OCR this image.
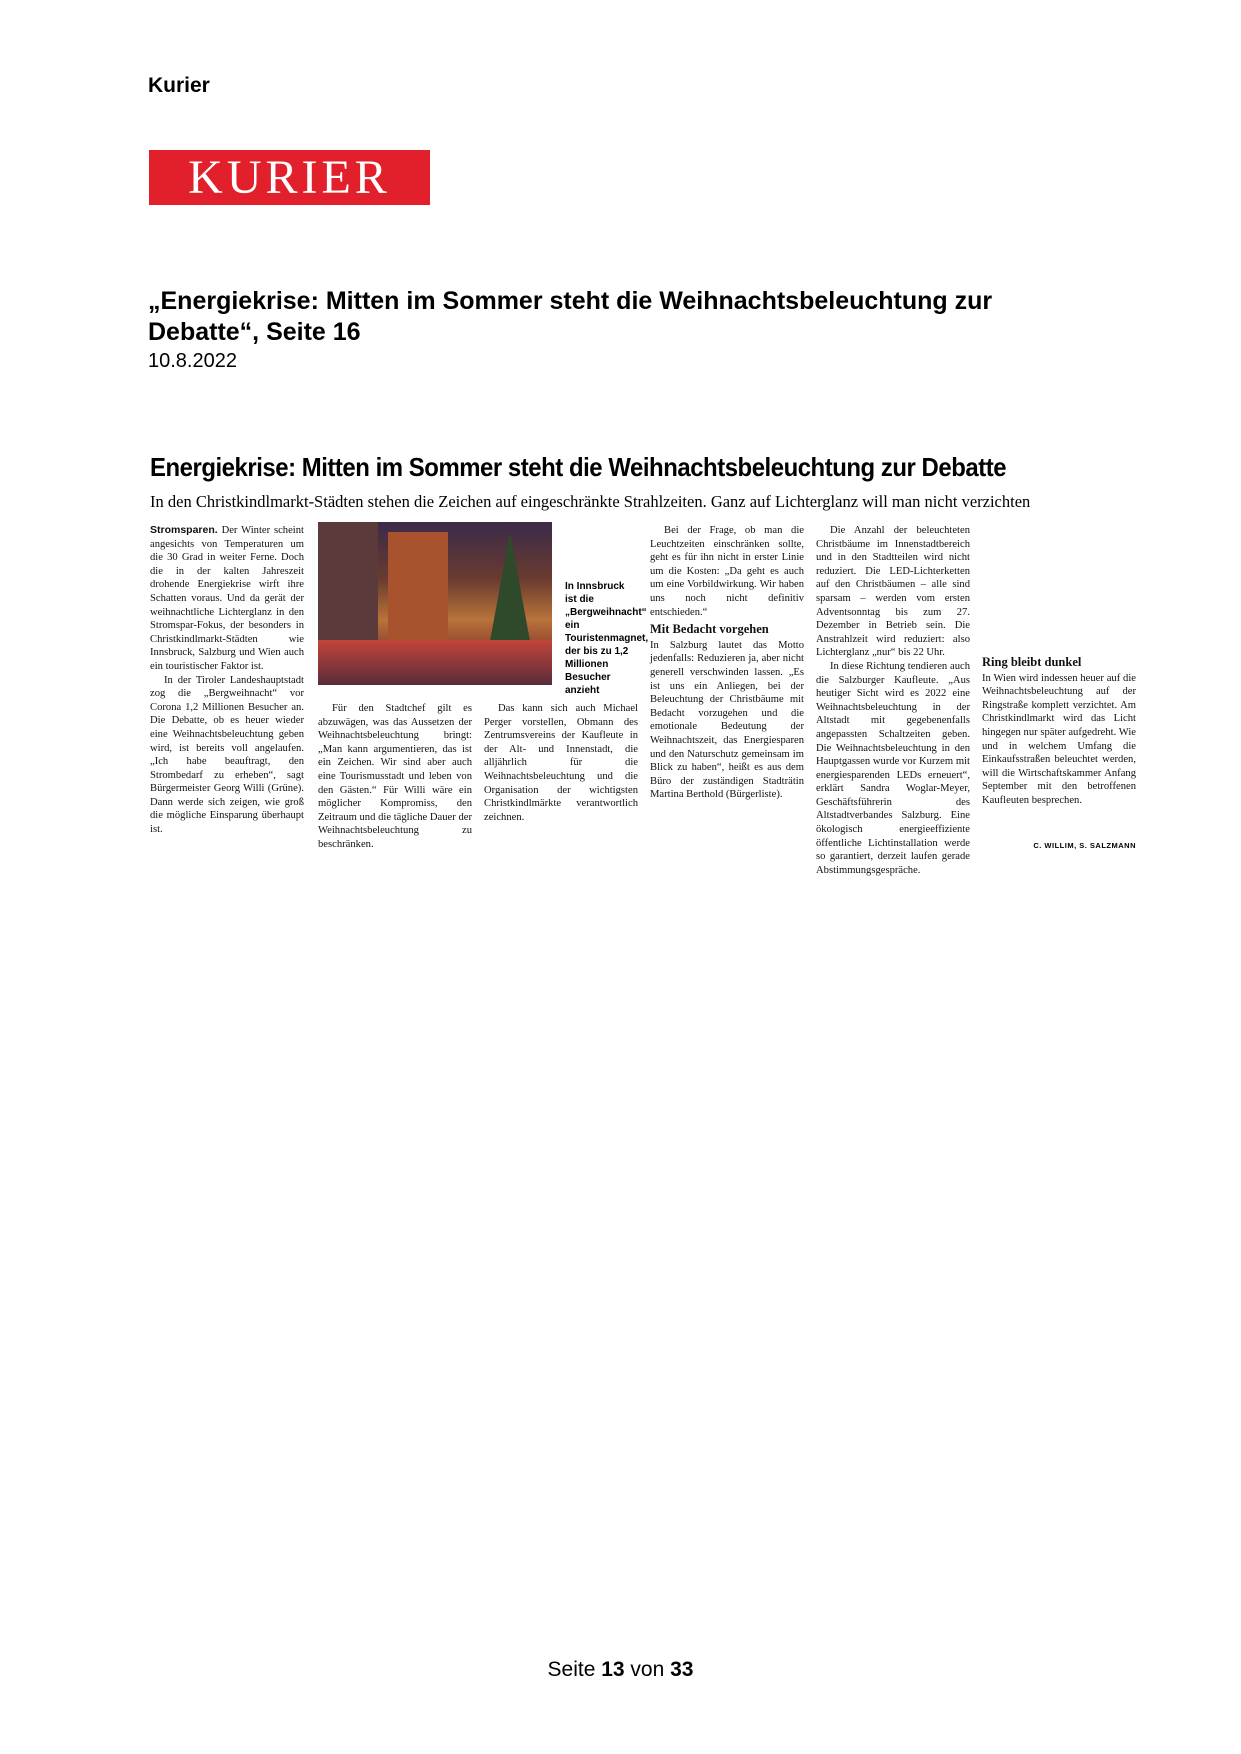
Kurier
KURIER
„Energiekrise: Mitten im Sommer steht die Weihnachtsbeleuchtung zur Debatte“, Seite 16
10.8.2022
Energiekrise: Mitten im Sommer steht die Weihnachtsbeleuchtung zur Debatte
In den Christkindlmarkt-Städten stehen die Zeichen auf eingeschränkte Strahlzeiten. Ganz auf Lichterglanz will man nicht verzichten
In Innsbruck ist die „Bergweihnacht“ ein Touristenmagnet, der bis zu 1,2 Millionen Besucher anzieht

Stromsparen. Der Winter scheint angesichts von Temperaturen um die 30 Grad in weiter Ferne. Doch die in der kalten Jahreszeit drohende Energiekrise wirft ihre Schatten voraus. Und da gerät der weihnachtliche Lichterglanz in den Stromspar-Fokus, der besonders in Christkindlmarkt-Städten wie Innsbruck, Salzburg und Wien auch ein touristischer Faktor ist.

In der Tiroler Landeshauptstadt zog die „Bergweihnacht“ vor Corona 1,2 Millionen Besucher an. Die Debatte, ob es heuer wieder eine Weihnachtsbeleuchtung geben wird, ist bereits voll angelaufen. „Ich habe beauftragt, den Strombedarf zu erheben“, sagt Bürgermeister Georg Willi (Grüne). Dann werde sich zeigen, wie groß die mögliche Einsparung überhaupt ist.

Für den Stadtchef gilt es abzuwägen, was das Aussetzen der Weihnachtsbeleuchtung bringt: „Man kann argumentieren, das ist ein Zeichen. Wir sind aber auch eine Tourismusstadt und leben von den Gästen.“ Für Willi wäre ein möglicher Kompromiss, den Zeitraum und die tägliche Dauer der Weihnachtsbeleuchtung zu beschränken.

Das kann sich auch Michael Perger vorstellen, Obmann des Zentrumsvereins der Kaufleute in der Alt- und Innenstadt, die alljährlich für die Weihnachtsbeleuchtung und die Organisation der wichtigsten Christkindlmärkte verantwortlich zeichnen.

Bei der Frage, ob man die Leuchtzeiten einschränken sollte, geht es für ihn nicht in erster Linie um die Kosten: „Da geht es auch um eine Vorbildwirkung. Wir haben uns noch nicht definitiv entschieden.“

Mit Bedacht vorgehen

In Salzburg lautet das Motto jedenfalls: Reduzieren ja, aber nicht generell verschwinden lassen. „Es ist uns ein Anliegen, bei der Beleuchtung der Christbäume mit Bedacht vorzugehen und die emotionale Bedeutung der Weihnachtszeit, das Energiesparen und den Naturschutz gemeinsam im Blick zu haben“, heißt es aus dem Büro der zuständigen Stadträtin Martina Berthold (Bürgerliste).

Die Anzahl der beleuchteten Christbäume im Innenstadtbereich und in den Stadtteilen wird nicht reduziert. Die LED-Lichterketten auf den Christbäumen – alle sind sparsam – werden vom ersten Adventsonntag bis zum 27. Dezember in Betrieb sein. Die Anstrahlzeit wird reduziert: also Lichterglanz „nur“ bis 22 Uhr.

In diese Richtung tendieren auch die Salzburger Kaufleute. „Aus heutiger Sicht wird es 2022 eine Weihnachtsbeleuchtung in der Altstadt mit gegebenenfalls angepassten Schaltzeiten geben. Die Weihnachtsbeleuchtung in den Hauptgassen wurde vor Kurzem mit energiesparenden LEDs erneuert“, erklärt Sandra Woglar-Meyer, Geschäftsführerin des Altstadtverbandes Salzburg. Eine ökologisch energieeffiziente öffentliche Lichtinstallation werde so garantiert, derzeit laufen gerade Abstimmungsgespräche.

Ring bleibt dunkel

In Wien wird indessen heuer auf die Weihnachtsbeleuchtung auf der Ringstraße komplett verzichtet. Am Christkindlmarkt wird das Licht hingegen nur später aufgedreht. Wie und in welchem Umfang die Einkaufsstraßen beleuchtet werden, will die Wirtschaftskammer Anfang September mit den betroffenen Kaufleuten besprechen.

C. WILLIM, S. SALZMANN
Seite 13 von 33
